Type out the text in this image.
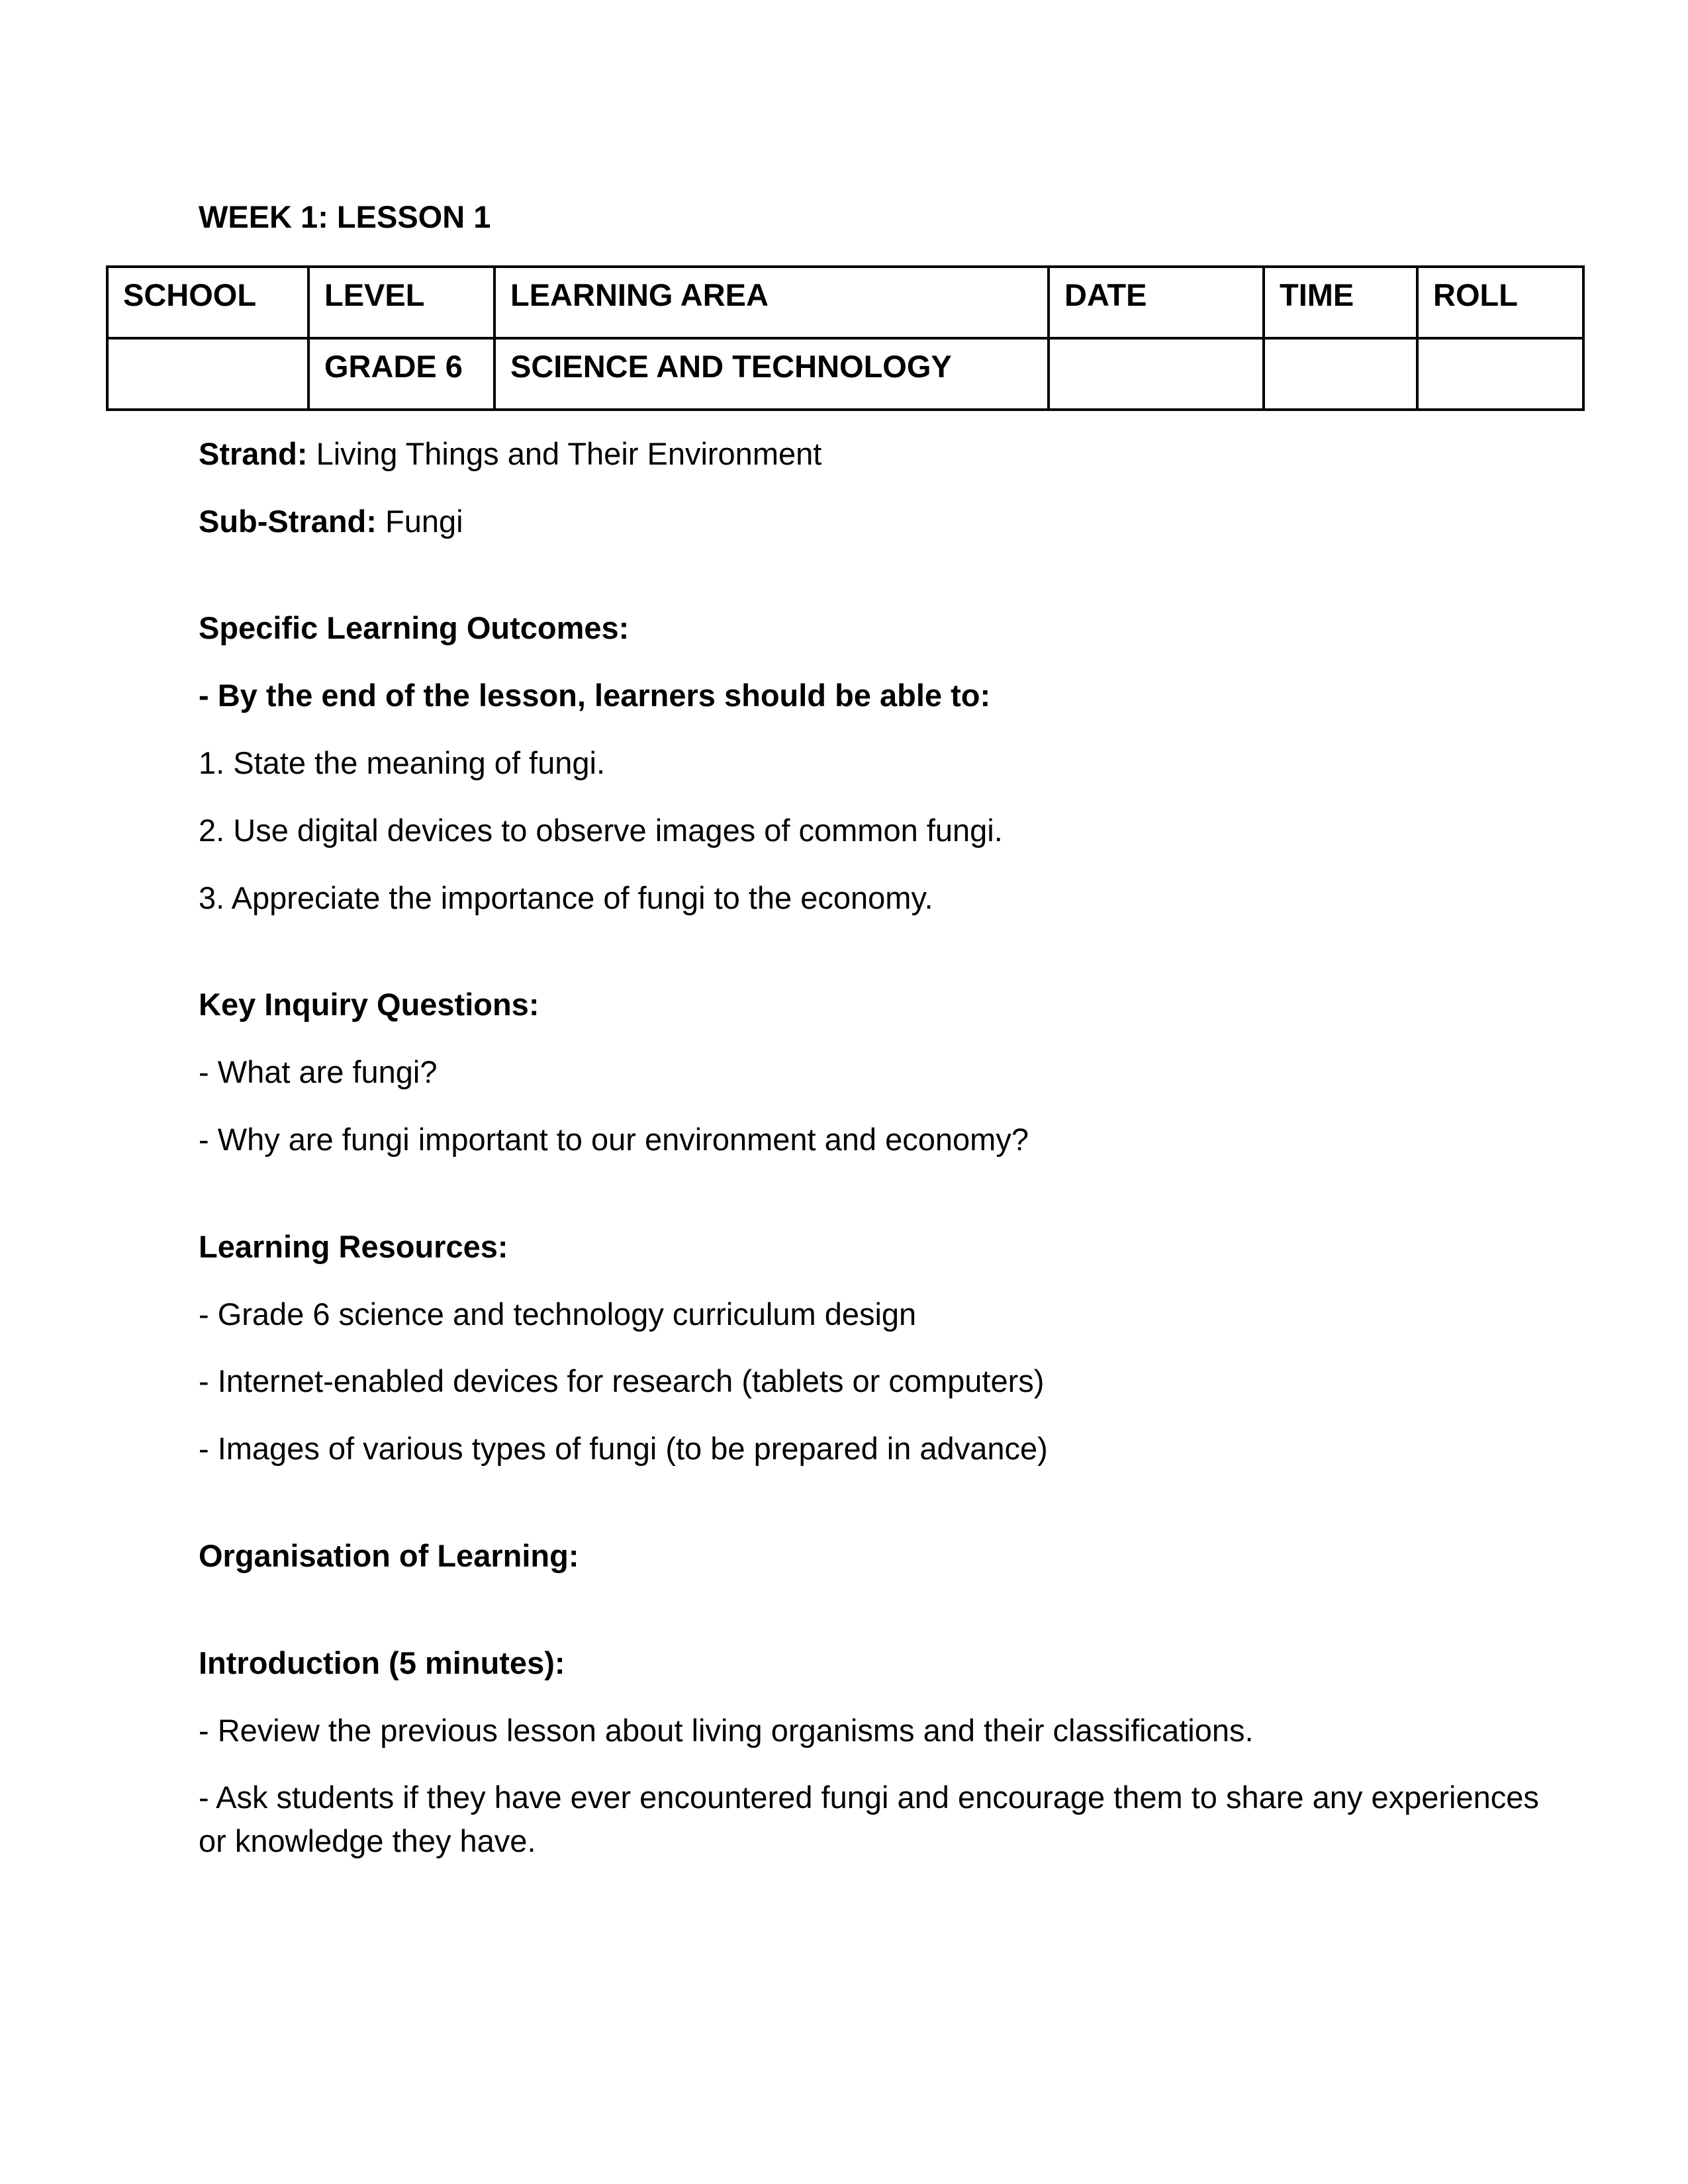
WEEK 1: LESSON 1

SCHOOL	LEVEL	LEARNING AREA	DATE	TIME	ROLL
	GRADE 6	SCIENCE AND TECHNOLOGY			

Strand: Living Things and Their Environment

Sub-Strand: Fungi

Specific Learning Outcomes:

- By the end of the lesson, learners should be able to:

1. State the meaning of fungi.

2. Use digital devices to observe images of common fungi.

3. Appreciate the importance of fungi to the economy.

Key Inquiry Questions:

- What are fungi?

- Why are fungi important to our environment and economy?

Learning Resources:

- Grade 6 science and technology curriculum design

- Internet-enabled devices for research (tablets or computers)

- Images of various types of fungi (to be prepared in advance)

Organisation of Learning:

Introduction (5 minutes):

- Review the previous lesson about living organisms and their classifications.

- Ask students if they have ever encountered fungi and encourage them to share any experiences or knowledge they have.
